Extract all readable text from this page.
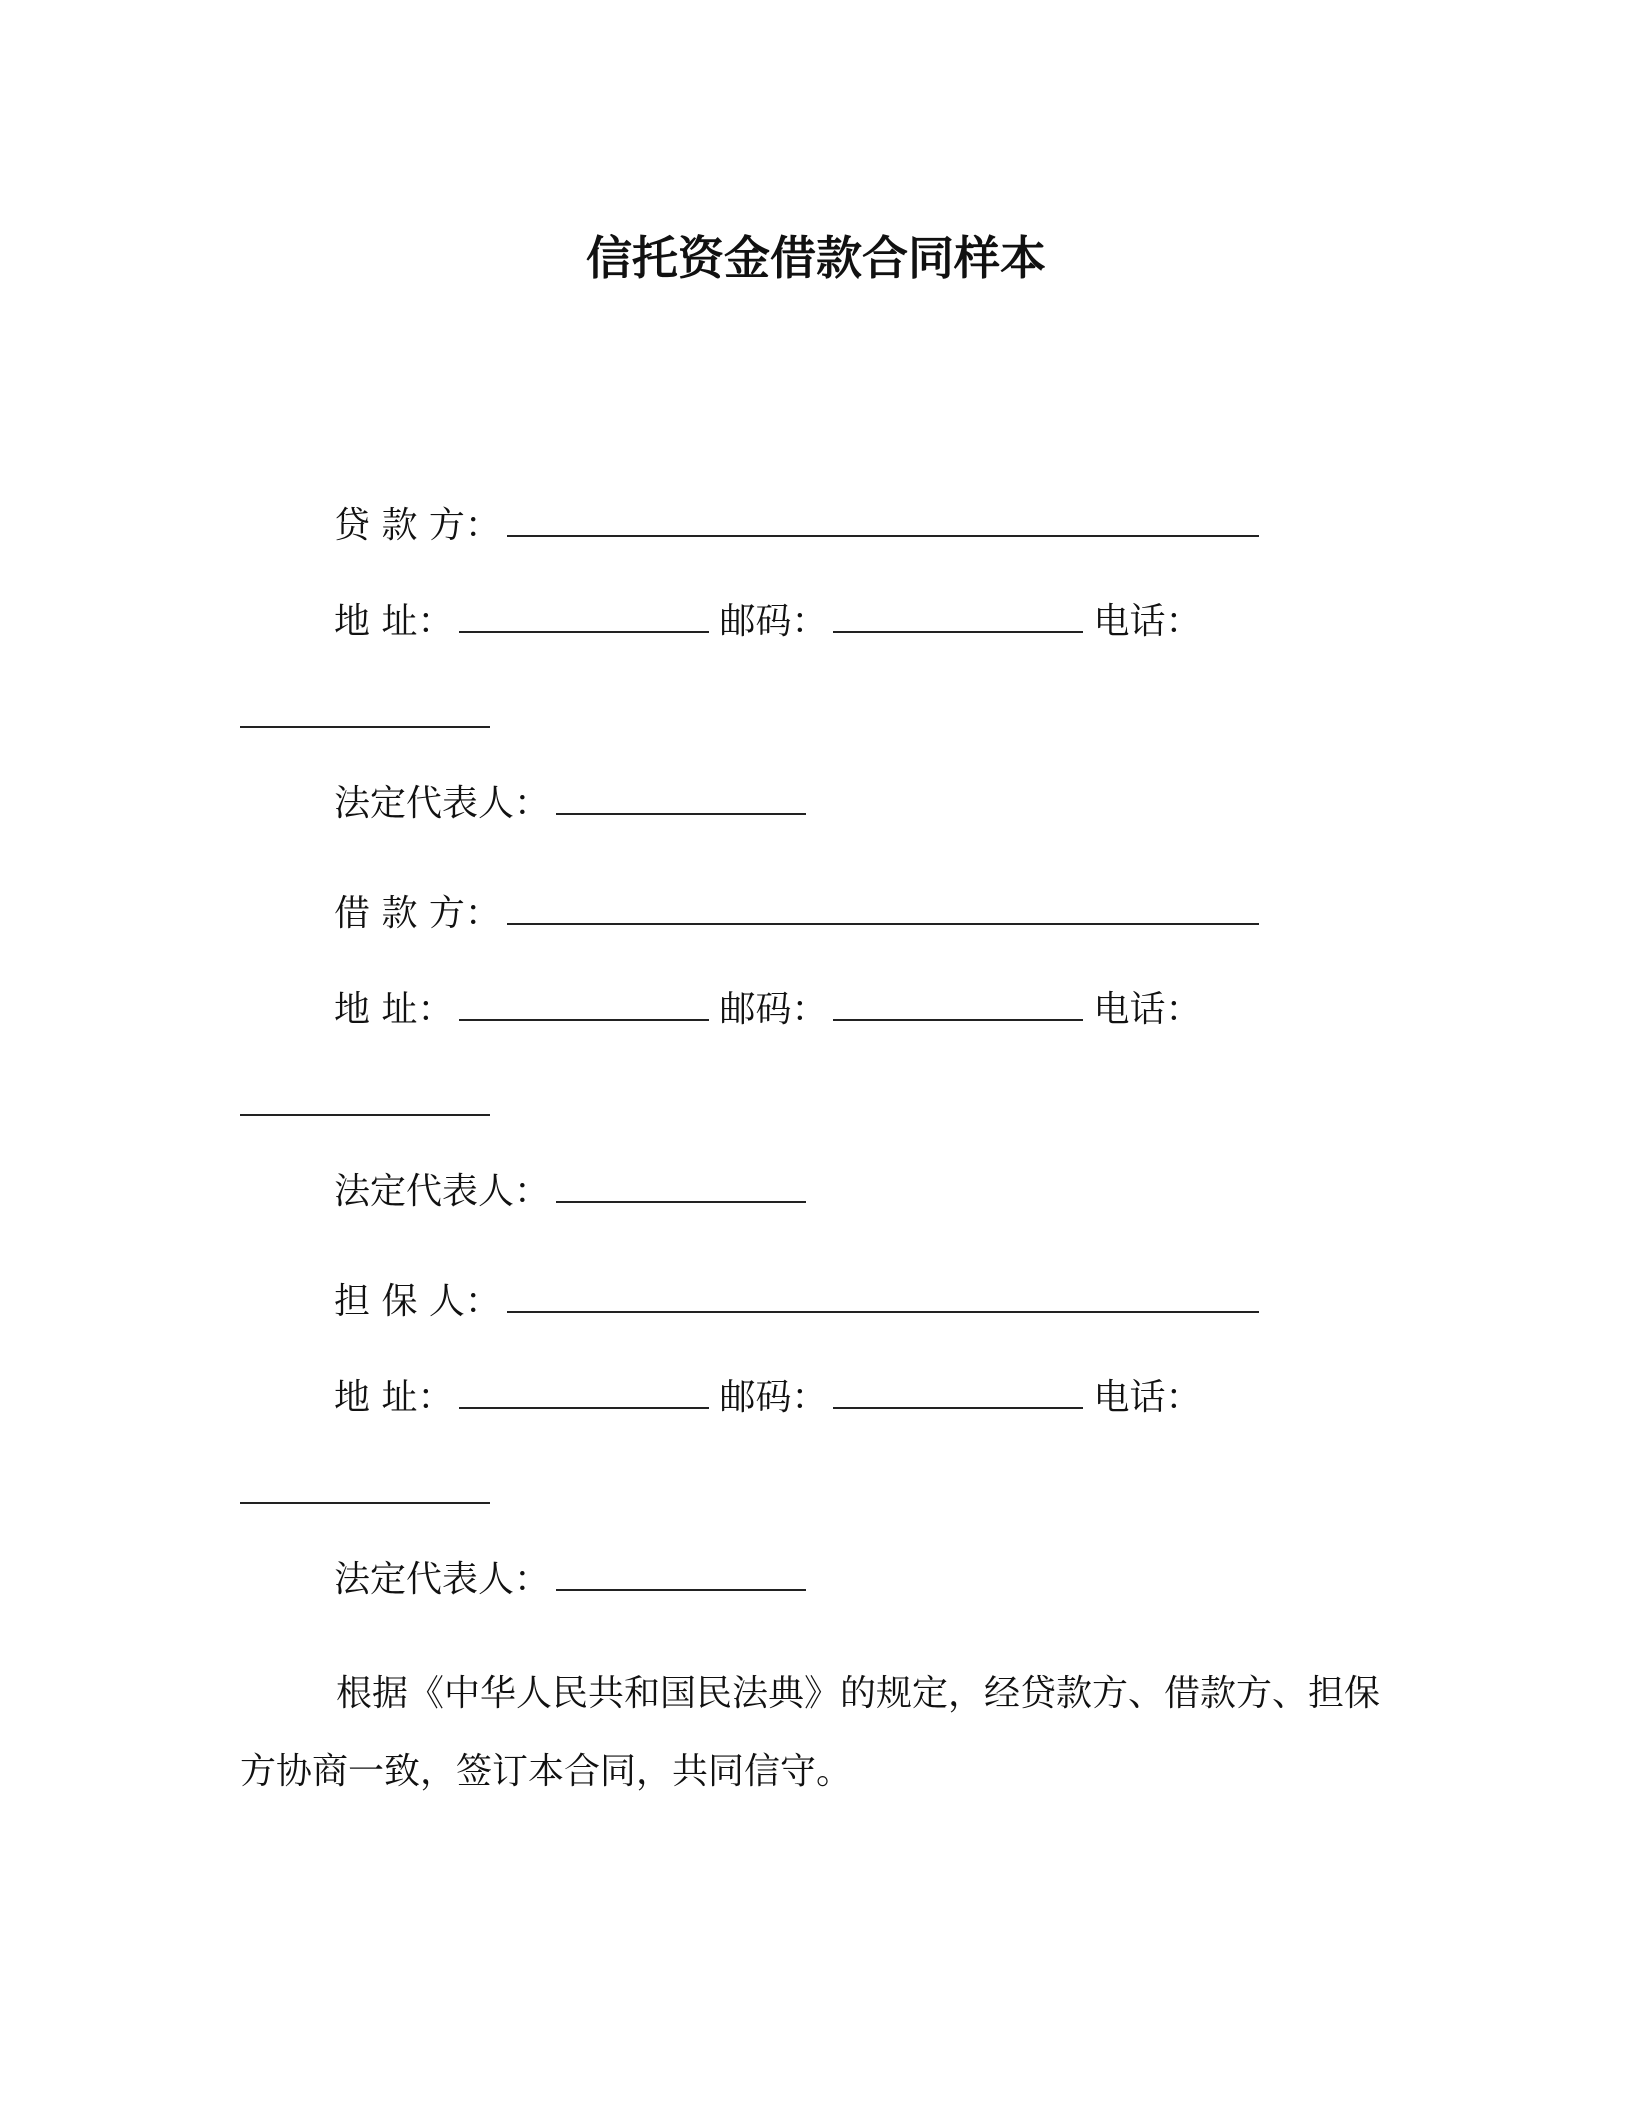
信托资金借款合同样本
贷 款 方：
地 址：	邮码：	电话：
法定代表人：
借 款 方：
地 址：	邮码：	电话：
法定代表人：
担 保 人：
地 址：	邮码：	电话：
法定代表人：

根据《中华人民共和国民法典》的规定，经贷款方、借款方、担保方协商一致，签订本合同，共同信守。
